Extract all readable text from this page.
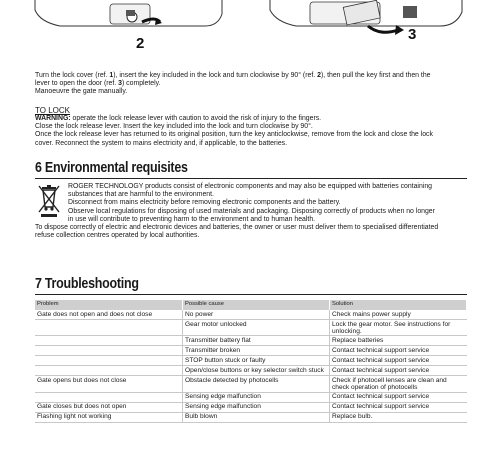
2
3
Turn the lock cover (ref. 1), insert the key included in the lock and turn clockwise by 90° (ref. 2), then pull the key first and then the
lever to open the door (ref. 3) completely.
Manoeuvre the gate manually.
TO LOCK
WARNING: operate the lock release lever with caution to avoid the risk of injury to the fingers.
Close the lock release lever. Insert the key included into the lock and turn clockwise by 90°.
Once the lock release lever has returned to its original position, turn the key anticlockwise, remove from the lock and close the lock
cover. Reconnect the system to mains electricity and, if applicable, to the batteries.
6 Environmental requisites
ROGER TECHNOLOGY products consist of electronic components and may also be equipped with batteries containing
substances that are harmful to the environment.
Disconnect from mains electricity before removing electronic components and the battery.
Observe local regulations for disposing of used materials and packaging. Disposing correctly of products when no longer
in use will contribute to preventing harm to the environment and to human health.
To dispose correctly of electric and electronic devices and batteries, the owner or user must deliver them to specialised differentiated
refuse collection centres operated by local authorities.
7 Troubleshooting
Problem	Possible cause	Solution
Gate does not open and does not close	No power	Check mains power supply
	Gear motor unlocked	Lock the gear motor. See instructions for unlocking.
	Transmitter battery flat	Replace batteries
	Transmitter broken	Contact technical support service
	STOP button stuck or faulty	Contact technical support service
	Open/close buttons or key selector switch stuck	Contact technical support service
Gate opens but does not close	Obstacle detected by photocells	Check if photocell lenses are clean and check operation of photocells
	Sensing edge malfunction	Contact technical support service
Gate closes but does not open	Sensing edge malfunction	Contact technical support service
Flashing light not working	Bulb blown	Replace bulb.
